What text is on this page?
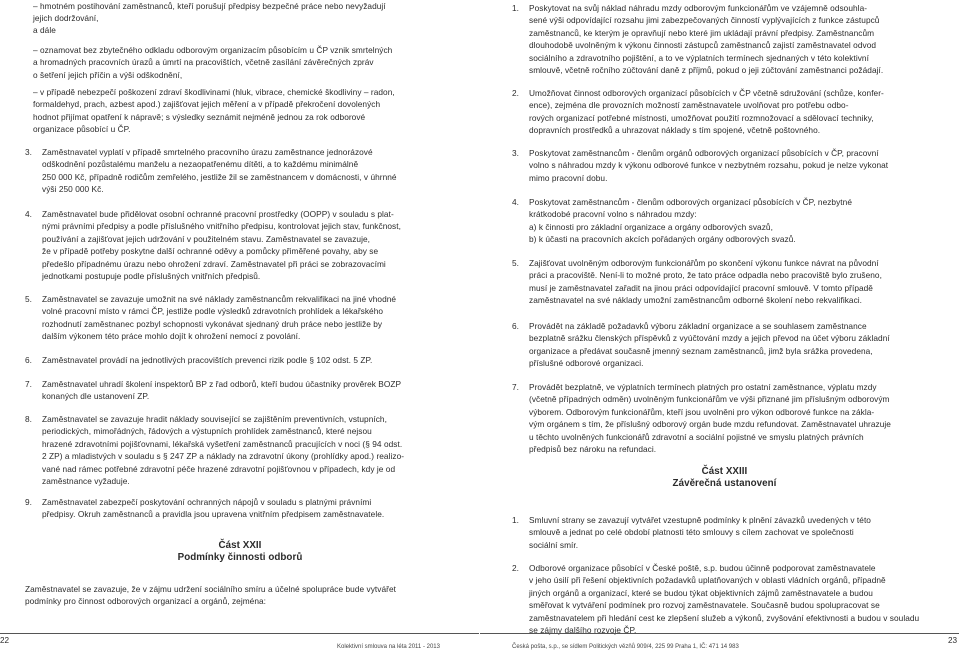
– hmotném postihování zaměstnanců, kteří porušují předpisy bezpečné práce nebo nevyžadují
jejich dodržování,
a dále
– oznamovat bez zbytečného odkladu odborovým organizacím působícím u ČP vznik smrtelných
a hromadných pracovních úrazů a úmrtí na pracovištích, včetně zasílání závěrečných zpráv
o šetření jejich příčin a výši odškodnění,
– v případě nebezpečí poškození zdraví škodlivinami (hluk, vibrace, chemické škodliviny – radon,
formaldehyd, prach, azbest apod.) zajišťovat jejich měření a v případě překročení dovolených
hodnot přijímat opatření k nápravě; s výsledky seznámit nejméně jednou za rok odborové
organizace působící u ČP.
3. Zaměstnavatel vyplatí v případě smrtelného pracovního úrazu zaměstnance jednorázové
odškodnění pozůstalému manželu a nezaopatřenému dítěti, a to každému minimálně
250 000 Kč, případně rodičům zemřelého, jestliže žil se zaměstnancem v domácnosti, v úhrnné
výši 250 000 Kč.
4. Zaměstnavatel bude přidělovat osobní ochranné pracovní prostředky (OOPP) v souladu s plat-
nými právními předpisy a podle příslušného vnitřního předpisu, kontrolovat jejich stav, funkčnost,
používání a zajišťovat jejich udržování v použitelném stavu. Zaměstnavatel se zavazuje,
že v případě potřeby poskytne další ochranné oděvy a pomůcky přiměřené povahy, aby se
předešlo případnému úrazu nebo ohrožení zdraví. Zaměstnavatel při práci se zobrazovacími
jednotkami postupuje podle příslušných vnitřních předpisů.
5. Zaměstnavatel se zavazuje umožnit na své náklady zaměstnancům rekvalifikaci na jiné vhodné
volné pracovní místo v rámci ČP, jestliže podle výsledků zdravotních prohlídek a lékařského
rozhodnutí zaměstnanec pozbyl schopnosti vykonávat sjednaný druh práce nebo jestliže by
dalším výkonem této práce mohlo dojít k ohrožení nemocí z povolání.
6. Zaměstnavatel provádí na jednotlivých pracovištích prevenci rizik podle § 102 odst. 5 ZP.
7. Zaměstnavatel uhradí školení inspektorů BP z řad odborů, kteří budou účastníky prověrek BOZP
konaných dle ustanovení ZP.
8. Zaměstnavatel se zavazuje hradit náklady související se zajištěním preventivních, vstupních,
periodických, mimořádných, řádových a výstupních prohlídek zaměstnanců, které nejsou
hrazené zdravotními pojišťovnami, lékařská vyšetření zaměstnanců pracujících v noci (§ 94 odst.
2 ZP) a mladistvých v souladu s § 247 ZP a náklady na zdravotní úkony (prohlídky apod.) realizo-
vané nad rámec potřebné zdravotní péče hrazené zdravotní pojišťovnou v případech, kdy je od
zaměstnance vyžaduje.
9. Zaměstnavatel zabezpečí poskytování ochranných nápojů v souladu s platnými právními
předpisy. Okruh zaměstnanců a pravidla jsou upravena vnitřním předpisem zaměstnavatele.
Část XXII
Podmínky činnosti odborů
Zaměstnavatel se zavazuje, že v zájmu udržení sociálního smíru a účelné spolupráce bude vytvářet
podmínky pro činnost odborových organizací a orgánů, zejména:
22
Kolektivní smlouva na léta 2011 - 2013
1. Poskytovat na svůj náklad náhradu mzdy odborovým funkcionářům ve vzájemně odsouhla-
sené výši odpovídající rozsahu jimi zabezpečovaných činností vyplývajících z funkce zástupců
zaměstnanců, ke kterým je opravňují nebo které jim ukládají právní předpisy. Zaměstnancům
dlouhodobě uvolněným k výkonu činnosti zástupců zaměstnanců zajistí zaměstnavatel odvod
sociálního a zdravotního pojištění, a to ve výplatních termínech sjednaných v této kolektivní
smlouvě, včetně ročního zúčtování daně z příjmů, pokud o jeji zúčtování zaměstnanci požádají.
2. Umožňovat činnost odborových organizací působících v ČP včetně sdružování (schůze, konfer-
ence), zejména dle provozních možností zaměstnavatele uvolňovat pro potřebu odbo-
rových organizací potřebné místnosti, umožňovat použití rozmnožovací a sdělovací techniky,
dopravních prostředků a uhrazovat náklady s tím spojené, včetně poštovného.
3. Poskytovat zaměstnancům - členům orgánů odborových organizací působících v ČP, pracovní
volno s náhradou mzdy k výkonu odborové funkce v nezbytném rozsahu, pokud je nelze vykonat
mimo pracovní dobu.
4. Poskytovat zaměstnancům - členům odborových organizací působících v ČP, nezbytné
krátkodobé pracovní volno s náhradou mzdy:
a) k činnosti pro základní organizace a orgány odborových svazů,
b) k účasti na pracovních akcích pořádaných orgány odborových svazů.
5. Zajišťovat uvolněným odborovým funkcionářům po skončení výkonu funkce návrat na původní
práci a pracoviště. Není-li to možné proto, že tato práce odpadla nebo pracoviště bylo zrušeno,
musí je zaměstnavatel zařadit na jinou práci odpovídající pracovní smlouvě. V tomto případě
zaměstnavatel na své náklady umožní zaměstnancům odborné školení nebo rekvalifikaci.
6. Provádět na základě požadavků výboru základní organizace a se souhlasem zaměstnance
bezplatně srážku členských příspěvků z vyúčtování mzdy a jejich převod na účet výboru základní
organizace a předávat současně jmenný seznam zaměstnanců, jimž byla srážka provedena,
příslušné odborové organizaci.
7. Provádět bezplatně, ve výplatních termínech platných pro ostatní zaměstnance, výplatu mzdy
(včetně případných odměn) uvolněným funkcionářům ve výši přiznané jim příslušným odborovým
výborem. Odborovým funkcionářům, kteří jsou uvolněni pro výkon odborové funkce na zákla-
vým orgánem s tím, že příslušný odborový orgán bude mzdu refundovat. Zaměstnavatel uhrazuje
u těchto uvolněných funkcionářů zdravotní a sociální pojistné ve smyslu platných právních
předpisů bez nároku na refundaci.
Část XXIII
Závěrečná ustanovení
1. Smluvní strany se zavazují vytvářet vzestupně podmínky k plnění závazků uvedených v této
smlouvě a jednat po celé období platnosti této smlouvy s cílem zachovat ve společnosti
sociální smír.
2. Odborové organizace působící v České poště, s.p. budou účinně podporovat zaměstnavatele
v jeho úsilí při řešení objektivních požadavků uplatňovaných v oblasti vládních orgánů, případně
jiných orgánů a organizací, které se budou týkat objektivních zájmů zaměstnavatele a budou
směřovat k vytváření podmínek pro rozvoj zaměstnavatele. Současně budou spolupracovat se
zaměstnavatelem při hledání cest ke zlepšení služeb a výkonů, zvyšování efektivnosti a budou v souladu
se zájmy dalšího rozvoje ČP.
Česká pošta, s.p., se sídlem Politických vězňů 909/4, 225 99 Praha 1, IČ: 471 14 983
23
